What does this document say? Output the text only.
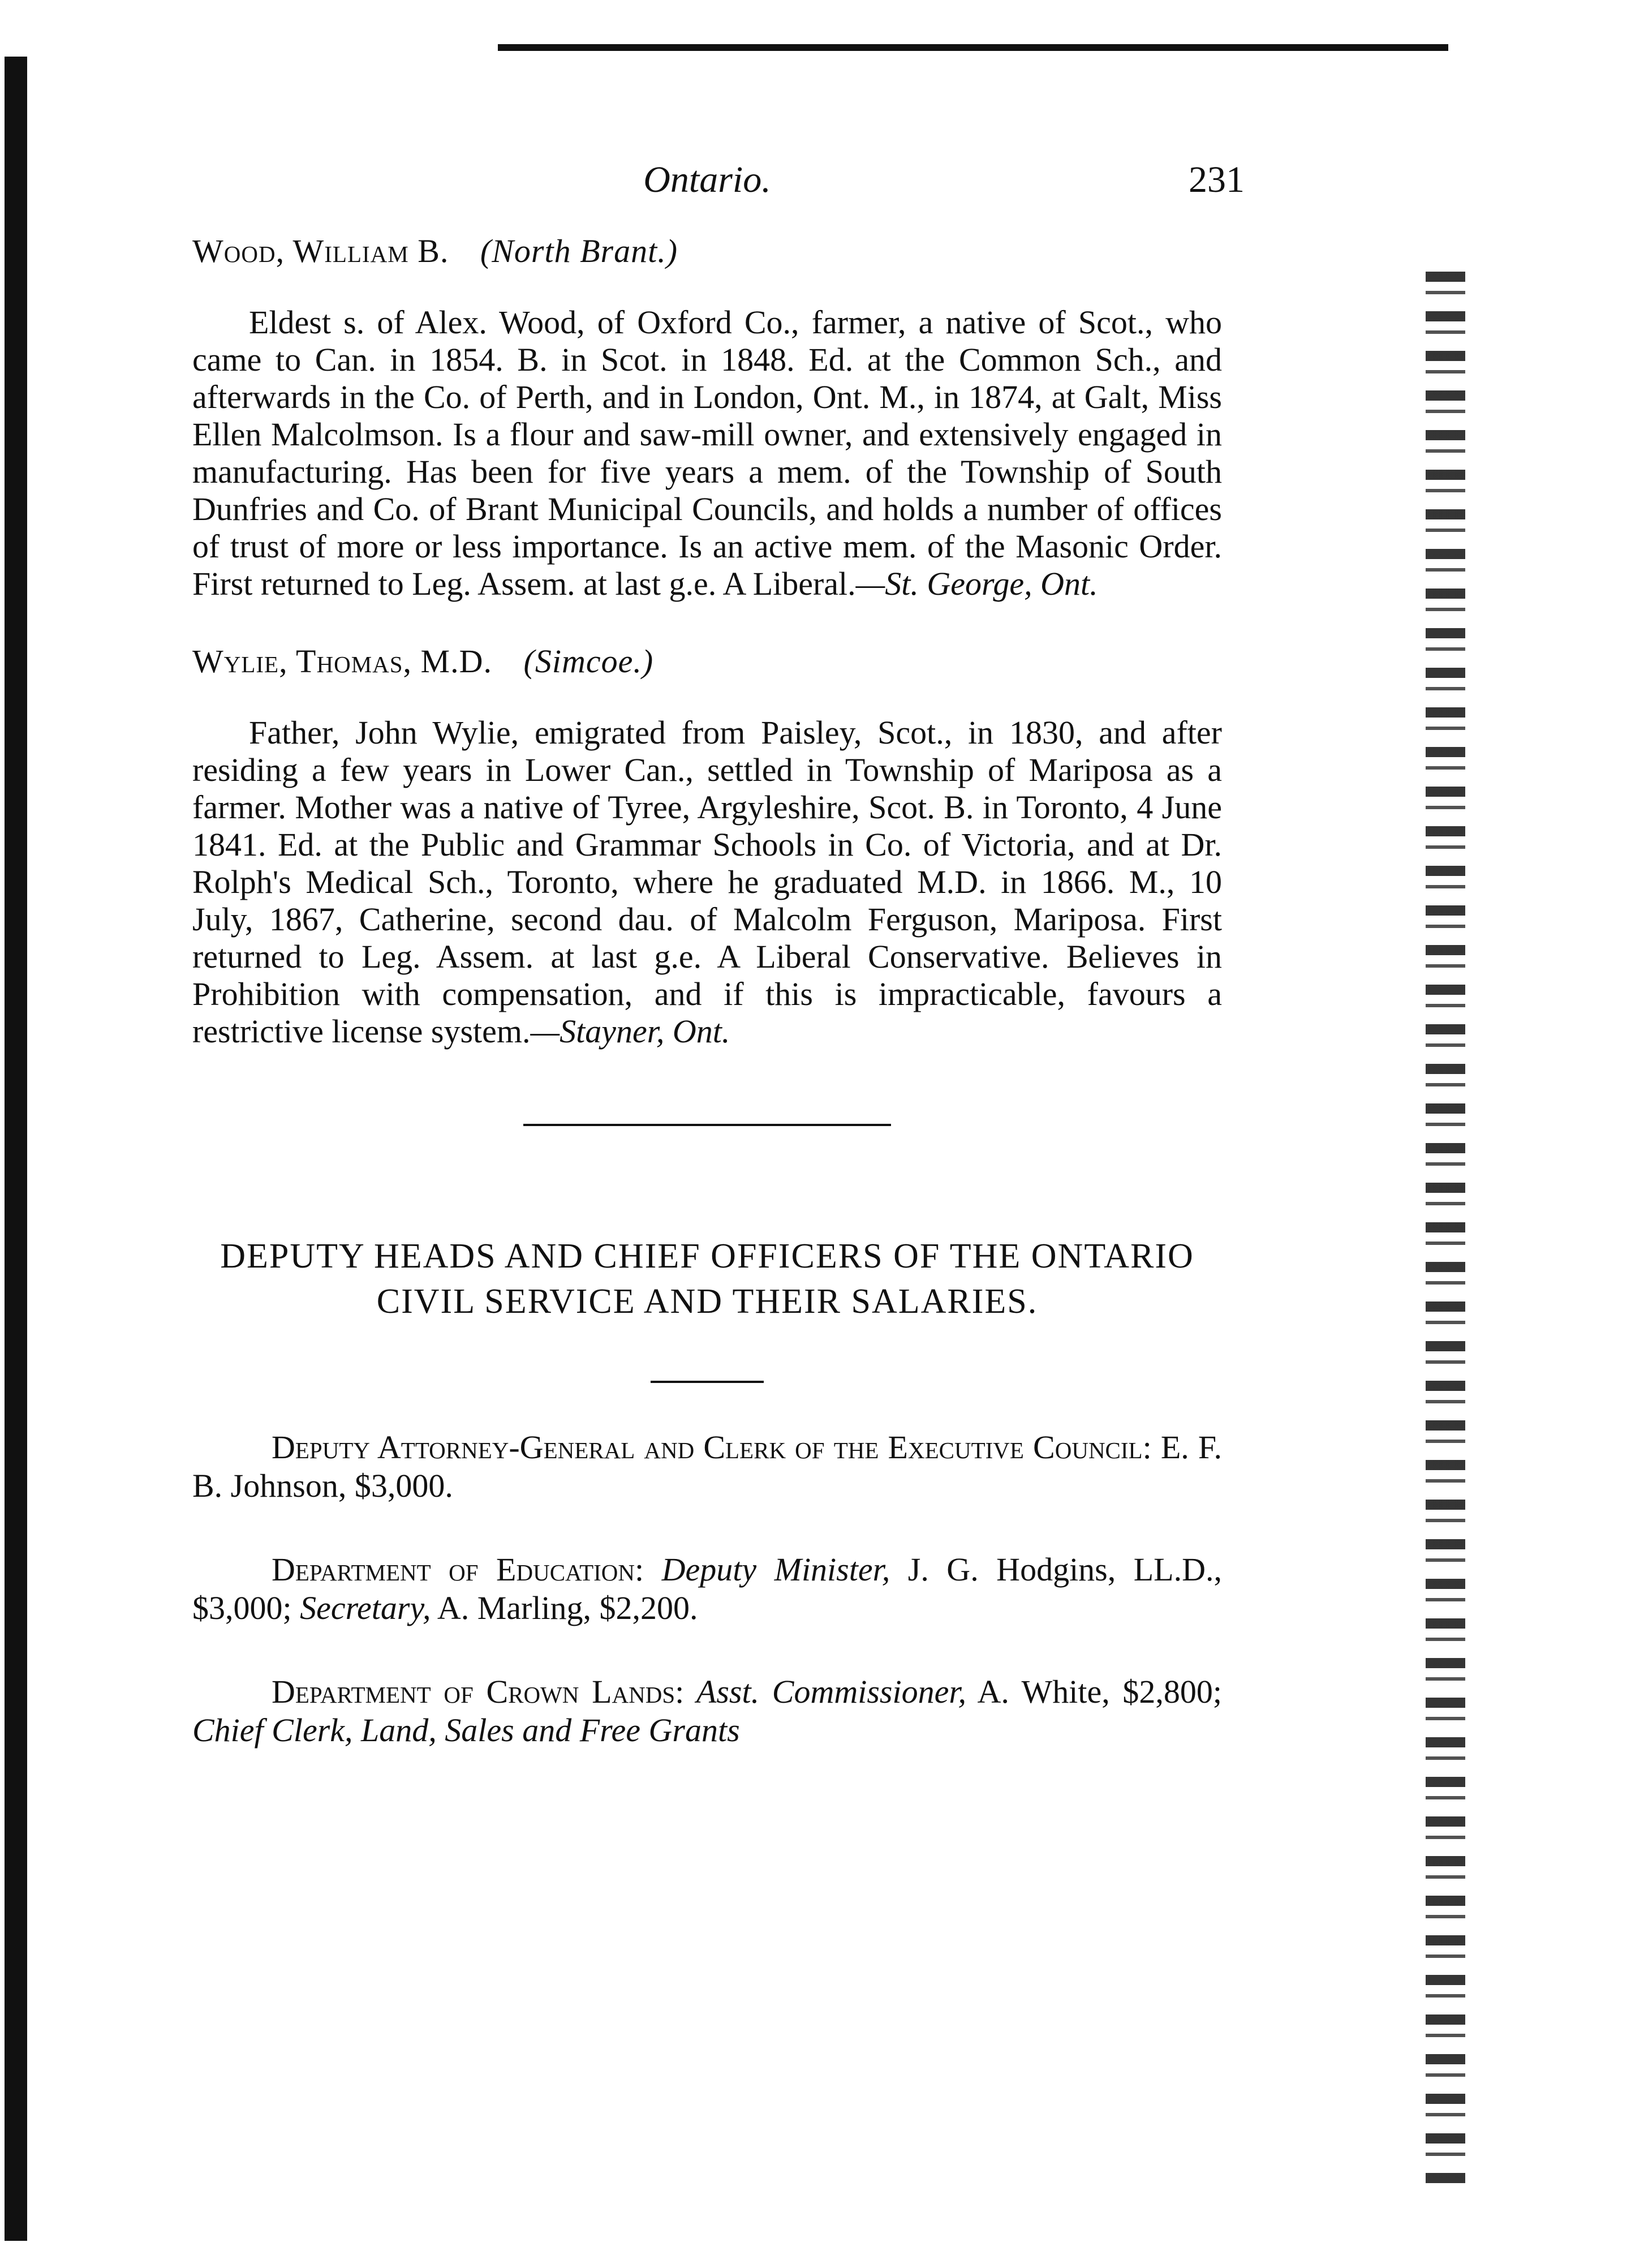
Ontario.	231
Wood, William B. (North Brant.)

Eldest s. of Alex. Wood, of Oxford Co., farmer, a native of Scot., who came to Can. in 1854. B. in Scot. in 1848. Ed. at the Common Sch., and afterwards in the Co. of Perth, and in London, Ont. M., in 1874, at Galt, Miss Ellen Malcolmson. Is a flour and saw-mill owner, and extensively engaged in manufacturing. Has been for five years a mem. of the Township of South Dunfries and Co. of Brant Municipal Councils, and holds a number of offices of trust of more or less importance. Is an active mem. of the Masonic Order. First returned to Leg. Assem. at last g.e. A Liberal.—St. George, Ont.

Wylie, Thomas, M.D. (Simcoe.)

Father, John Wylie, emigrated from Paisley, Scot., in 1830, and after residing a few years in Lower Can., settled in Township of Mariposa as a farmer. Mother was a native of Tyree, Argyleshire, Scot. B. in Toronto, 4 June 1841. Ed. at the Public and Grammar Schools in Co. of Victoria, and at Dr. Rolph's Medical Sch., Toronto, where he graduated M.D. in 1866. M., 10 July, 1867, Catherine, second dau. of Malcolm Ferguson, Mariposa. First returned to Leg. Assem. at last g.e. A Liberal Conservative. Believes in Prohibition with compensation, and if this is impracticable, favours a restrictive license system.—Stayner, Ont.

DEPUTY HEADS AND CHIEF OFFICERS OF THE ONTARIO CIVIL SERVICE AND THEIR SALARIES.

Deputy Attorney-General and Clerk of the Executive Council: E. F. B. Johnson, $3,000.

Department of Education: Deputy Minister, J. G. Hodgins, LL.D., $3,000; Secretary, A. Marling, $2,200.

Department of Crown Lands: Asst. Commissioner, A. White, $2,800; Chief Clerk, Land, Sales and Free Grants
